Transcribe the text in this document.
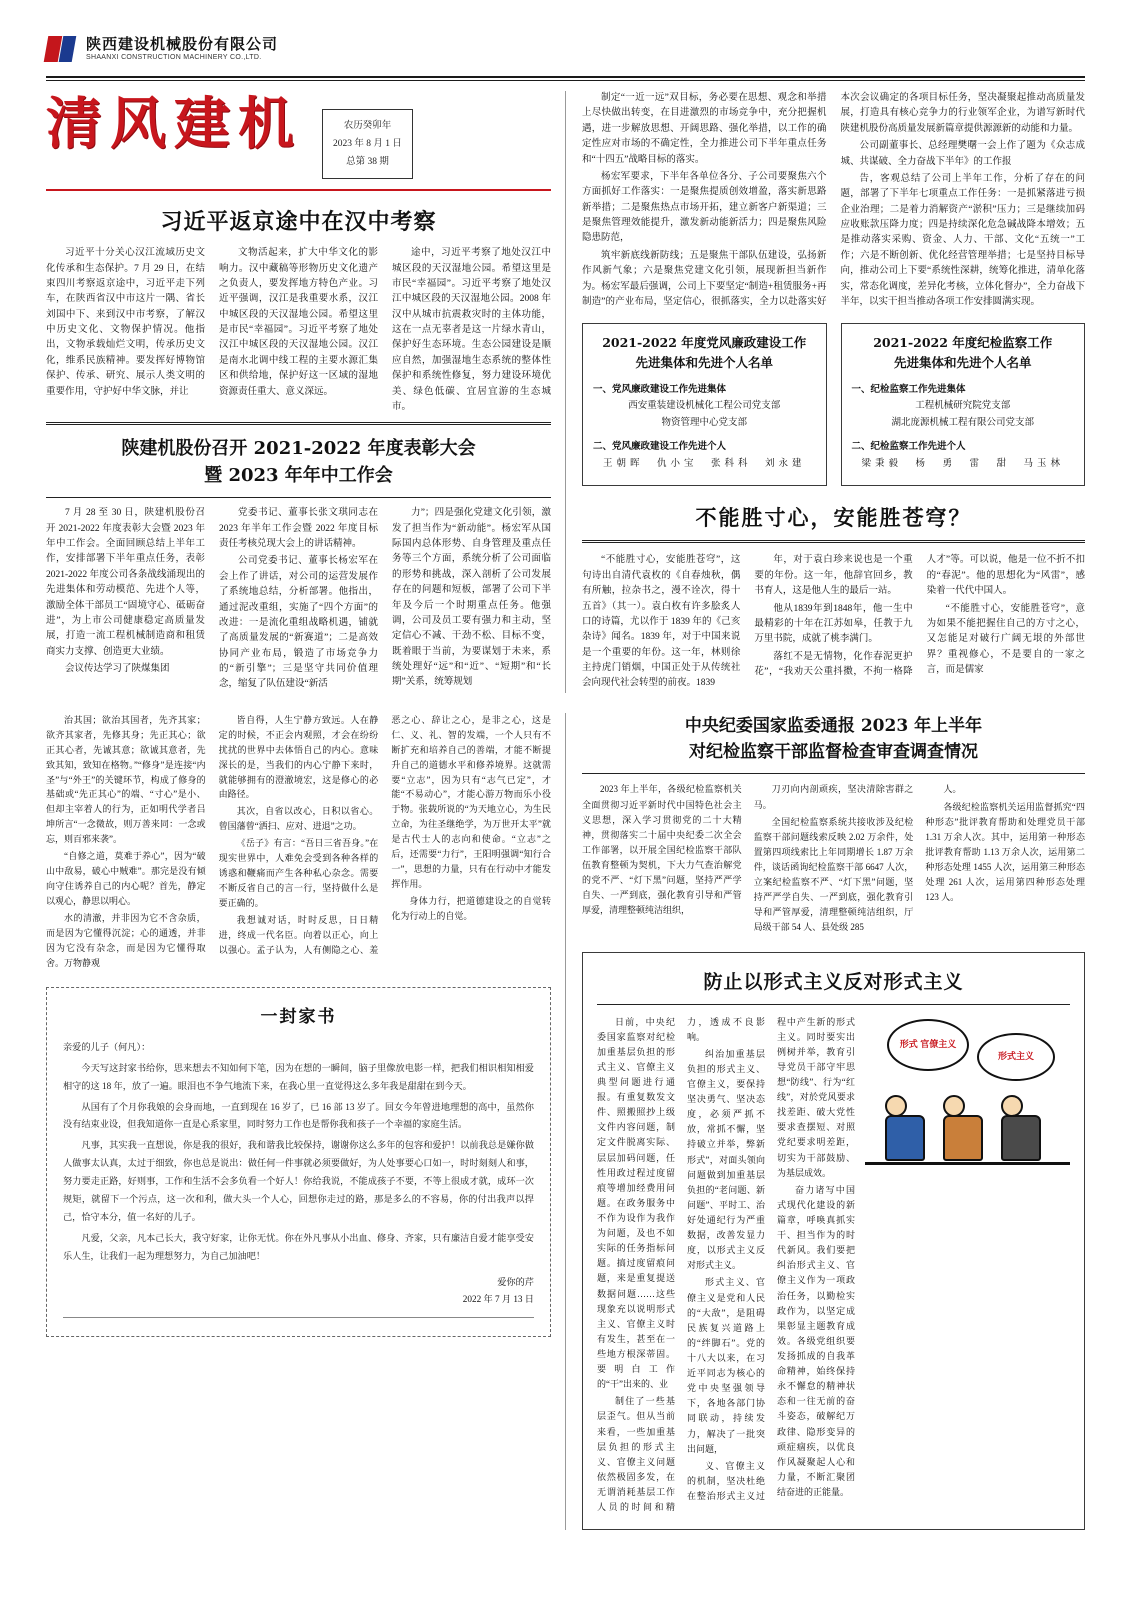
陕西建设机械股份有限公司
SHAANXI CONSTRUCTION MACHINERY CO.,LTD.
清风建机	农历癸卯年
2023 年 8 月 1 日
总第 38 期
习近平返京途中在汉中考察

习近平十分关心汉江流域历史文化传承和生态保护。7 月 29 日，在结束四川考察返京途中，习近平走下列车，在陕西省汉中市这片一隅、省长刘国中下、来到汉中市考察，了解汉中历史文化、文物保护情况。他指出，文物承载灿烂文明，传承历史文化，维系民族精神。要发挥好博物馆保护、传承、研究、展示人类文明的重要作用，守护好中华文脉，并让

文物活起来，扩大中华文化的影响力。汉中藏稿等形物历史文化遗产之负责人，要发挥地方特色产业。习近平强调，汉江是我重要水系，汉江中城区段的天汉湿地公园。希望这里是市民“幸福园”。习近平考察了地处汉江中城区段的天汉湿地公园。汉江是南水北调中线工程的主要水源汇集区和供给地，保护好这一区域的湿地资源责任重大、意义深远。

途中，习近平考察了地处汉江中城区段的天汉湿地公园。希望这里是市民“幸福园”。习近平考察了地处汉江中城区段的天汉湿地公园。2008 年汉中从城市抗震救灾时的主体功能，这在一点无辜者是这一片绿水青山，保护好生态环境。生态公园建设是顺应自然，加强湿地生态系统的整体性保护和系统性修复，努力建设环境优美、绿色低碳、宜居宜游的生态城市。

陕建机股份召开 2021-2022 年度表彰大会
暨 2023 年年中工作会

7 月 28 至 30 日，陕建机股份召开 2021-2022 年度表彰大会暨 2023 年年中工作会。全面回顾总结上半年工作，安排部署下半年重点任务，表彰 2021-2022 年度公司各条战线涌现出的先进集体和劳动模范、先进个人等，激励全体干部员工“固境守心、砥砺奋进”，为上市公司健康稳定高质量发展，打造一流工程机械制造商和租赁商实力支撑、创造更大业绩。

会议传达学习了陕煤集团

党委书记、董事长张文琪同志在 2023 年半年工作会暨 2022 年度目标责任考核兑现大会上的讲话精神。

公司党委书记、董事长杨宏军在会上作了讲话，对公司的运营发展作了系统地总结，分析部署。他指出，通过泥改重组，实施了“四个方面”的改进：一是流化重组战略机遇，铺就了高质量发展的“新赛道”；二是高效协同产业布局，锻造了市场竞争力的“新引擎”；三是坚守共同价值理念，缩复了队伍建设“新活

力”；四是强化党建文化引领，激发了担当作为“新动能”。杨宏军从国际国内总体形势、自身管理及重点任务等三个方面，系统分析了公司面临的形势和挑战，深入剖析了公司发展存在的问题和短板，部署了公司下半年及今后一个时期重点任务。他强调，公司及员工要有强力和主动，坚定信心不减、干劲不松、目标不变，既着眼于当前，为要谋划于未来，系统处理好“远”和“近”、“短期”和“长期”关系，统筹规划

制定“一近一远”双目标，务必要在思想、观念和举措上尽快做出转变，在目进激烈的市场竞争中，充分把握机遇，进一步解放思想、开阔思路、强化举措，以工作的确定性应对市场的不确定性，全力推进公司下半年重点任务和“十四五”战略目标的落实。

杨宏军要求，下半年各单位各分、子公司要聚焦六个方面抓好工作落实：一是聚焦提质创效增盈，落实新思路新举措；二是聚焦热点市场开拓，建立新客户新渠道；三是聚焦管理效能提升，激发新动能新活力；四是聚焦风险隐患防范，

筑牢新底线新防线；五是聚焦干部队伍建设，弘扬新作风新气象；六是聚焦党建文化引领，展现新担当新作为。杨宏军最后强调，公司上下要坚定“制造+租赁服务+再制造”的产业布局，坚定信心，很抓落实，全力以赴落实好本次会议确定的各项目标任务，坚决凝聚起推动高质量发展，打造具有核心竞争力的行业领军企业，为谱写新时代陕建机股份高质量发展新篇章提供源源新的动能和力量。

公司副董事长、总经理樊曙一会上作了题为《众志成城、共谋破、全力奋战下半年》的工作报

告，客观总结了公司上半年工作，分析了存在的问题，部署了下半年七项重点工作任务：一是抓紧落进亏损企业治理；二是着力消解资产“淤积”压力；三是继续加码应收账款压降力度；四是持续深化危急碱战降本增效；五是推动落实采购、资金、人力、干部、文化“五统一”工作；六是不断创新、优化经营管理举措；七是坚持目标导向，推动公司上下要“系统性深耕，统筹化推进，清单化落实，常态化调度，差异化考核，立体化督办”，全力奋战下半年，以实干担当推动各项工作安排圆满实现。

2021-2022 年度党风廉政建设工作
先进集体和先进个人名单
一、党风廉政建设工作先进集体
西安重装建设机械化工程公司党支部
物资管理中心党支部
二、党风廉政建设工作先进个人
王朝晖　仇小宝　张科科　刘永建
2021-2022 年度纪检监察工作
先进集体和先进个人名单
一、纪检监察工作先进集体
工程机械研究院党支部
湖北庞源机械工程有限公司党支部
二、纪检监察工作先进个人
梁秉毅　杨　勇　雷　甜　马玉林
不能胜寸心，安能胜苍穹？

“不能胜寸心，安能胜苍穹”，这句诗出自清代袁枚的《自春烛秋，偶有所触，拉杂书之，漫不诠次，得十五首》（其一）。袁白枚有许多脍炙人口的诗篇，尤以作于 1839 年的《己亥杂诗》闻名。1839 年，对于中国来说是一个重要的年份。这一年，林则徐主持虎门销烟，中国正处于从传统社会向现代社会转型的前夜。1839

年，对于袁白珍来说也是一个重要的年份。这一年，他辞官回乡，教书育人，这是他人生的最后一站。

他从1839年到1848年，他一生中最精彩的十年在江苏如皋，任教于九万里书院，成就了桃李满门。

落红不是无情物，化作春泥更护花”，“我劝天公重抖擞，不拘一格降人才”等。可以说，他是一位不折不扣的“春泥”。他的思想化为“风雷”，感染着一代代中国人。

“不能胜寸心，安能胜苍穹”，意为如果不能把握住自己的方寸之心，又怎能足对破行广阔无垠的外部世界？重视修心，不是要自的一家之言，而是儒家

治其国；欲治其国者，先齐其家；欲齐其家者，先修其身；先正其心；欲正其心者，先诚其意；欲诚其意者，先致其知，致知在格物。”“修身”是连接“内圣”与“外王”的关键环节，构成了修身的基础或“先正其心”的端、“寸心”是小、但却主宰着人的行为，正如明代学者吕坤所言“一念微故，则万善来同：一念或忘，则百邪来袭”。

“自修之道，莫难于养心”，因为“破山中敌易，破心中贼难”。那完是没有倾向守住诱养自己的内心呢？首先，静定以观心，静思以明心。

水的清澈，并非因为它不含杂质，而是因为它懂得沉淀；心的通透，并非因为它没有杂念，而是因为它懂得取舍。万物静观

皆自得，人生宁静方致远。人在静定的时候，不正会内观照，才会在纷纷扰扰的世界中去体悟自己的内心。意味深长的是，当我们的内心宁静下来时，就能够拥有的澄澈境宏，这是修心的必由路径。

其次，自省以改心，日积以省心。曾国藩曾“洒扫、应对、进退”之功。

《岳子》有言：“吾日三省吾身。”在现实世界中，人难免会受到各种各样的诱惑和鞭痛而产生各种私心杂念。需要不断反省自己的言一行，坚持做什么是要正确的。

我想诚对话，时时反思，日日精进，终成一代名臣。向着以正心，向上以强心。孟子认为，人有侧隐之心、羞恶之心、辞让之心，是非之心，这是仁、义、礼、智的发端，一个人只有不断扩充和培养自己的善端，才能不断提升自己的道德水平和修养境界。这就需要“立志”，因为只有“志气已定”，才能“不易动心”，才能心游万物而乐小役于物。张载所说的“为天地立心，为生民立命，为往圣继绝学，为万世开太平”就是古代士人的志向和使命。“立志”之后，还需要“力行”，王阳明强调“知行合一”，思想的力量，只有在行动中才能发挥作用。

身体力行，把道德建设之的自觉转化为行动上的自觉。

一封家书

亲爱的儿子（何凡）：

今天写这封家书给你，思来想去不知如何下笔，因为在想的一瞬间，脑子里像放电影一样，把我们相识相知相爱相守的这 18 年，放了一遍。眼泪也不争气地流下来，在我心里一直觉得这么多年我是甜甜在到今天。

从国有了个月你我娘的会身而地，一直到现在 16 岁了，已 16 部 13 岁了。回女今年曾进地理想的高中，虽然你没有结束业设，但我知道你一直是心系家里，同时努力工作也是帮你我和孩子一个幸福的家庭生活。

凡事，其实我一直想说，你是我的很好，我和谐我比较保持，谢谢你这么多年的包容和爱护！以前我总是嫌你做人做事太认真，太过于细致，你也总是说出：做任何一件事就必须要做好，为人处事要心口如一，时时刻刻人和事，努力要走正路，好则事，工作和生活不会多负看一个好人！你给我说，不能成孩子不要，不等上很成才就，成环一次规矩，就留下一个污点，这一次和利，做大头一个人心，回想你走过的路，那是多么的不容易，你的付出我声以捍己，恰守本分，值一名好的儿子。

凡爱，父亲，凡本己长大，我守好家，让你无忧。你在外凡事从小出血、修身、齐家，只有廉洁自爱才能享受安乐人生，让我们一起为理想努力，为自己加油吧！

爱你的芹
2022 年 7 月 13 日
中央纪委国家监委通报 2023 年上半年
对纪检监察干部监督检查审查调查情况

2023 年上半年，各级纪检监察机关全面贯彻习近平新时代中国特色社会主义思想，深入学习贯彻党的二十大精神，贯彻落实二十届中央纪委二次全会工作部署，以开展全国纪检监察干部队伍教育整顿为契机，下大力气查治解党的党不严、“灯下黑”问题，坚持严严学自失、一严到底，强化教育引导和严管厚爱，清理整顿纯洁组织，

刀刃向内剖顽疾，坚决清除害群之马。

全国纪检监察系统共接收涉及纪检监察干部问题线索反映 2.02 万余件，处置第四项线索比上年同期增长 1.87 万余件，谈话函询纪检监察干部 6647 人次，立案纪检监察不严、“灯下黑”问题，坚持严严学自失、一严到底，强化教育引导和严管厚爱，清理整顿纯洁组织，厅局级干部 54 人、县处级 285

人。

各级纪检监察机关运用监督抓究“四种形态”批评教育帮助和处理党员干部 1.31 万余人次。其中，运用第一种形态批评教育帮助 1.13 万余人次，运用第二种形态处理 1455 人次，运用第三种形态处理 261 人次，运用第四种形态处理 123 人。

防止以形式主义反对形式主义
形式 官僚主义
形式主义

日前，中央纪委国家监察对纪检加重基层负担的形式主义、官僚主义典型问题进行通报。有重复数发文件、照搬照抄上级文件内容问题，制定文件脱离实际、层层加码问题，任性用政过程过度留痕等增加经费用问题。在政务服务中不作为设作为我作为问题，及也不如实际的任务指标问题。搞过度留痕问题，来是重复提送数据问题……这些现象充以说明形式主义、官僚主义时有发生，甚至在一些地方根深蒂固。要明白工作的“干”出来的、业

制住了一些基层歪气。但从当前来看，一些加重基层负担的形式主义、官僚主义问题依然极固多发，在无谓消耗基层工作人员的时间和精力，透成不良影响。

纠治加重基层负担的形式主义、官僚主义，要保持坚决勇气、坚决态度，必须严抓不放，常抓不懈，坚持破立并举，弊新形式”，对面头领向问题做到加重基层负担的“老问题、新问题”、平时工、治好处通纪行为严重数据，改善发显力度，以形式主义反对形式主义。

形式主义、官僚主义是党和人民的“大敌”，是阻碍民族复兴道路上的“绊脚石”。党的十八大以来，在习近平同志为核心的党中央坚强领导下，各地各部门协同联动，持续发力，解决了一批突出问题，

义、官僚主义的机制，坚决杜绝在整治形式主义过程中产生新的形式主义。同时要实出例树并举，教育引导党员干部守牢思想“防线”、行为“红线”，对於党风要求找差距、破大党性要求查摆短、对照党纪要求明差距，切实为干部鼓励、为基层成效。

奋力诸写中国式现代化建设的新篇章，呼唤真抓实干、担当作为的时代新风。我们要把纠治形式主义、官僚主义作为一项政治任务，以勤检实政作为，以坚定成果彰显主题教育成效。各级党组织要发扬抓成的自我革命精神，始终保持永不懈怠的精神状态和一往无前的奋斗姿态，破解纪万政律、隐形变异的顽症痼疾，以优良作风凝聚起人心和力量，不断汇聚团结奋进的正能量。
